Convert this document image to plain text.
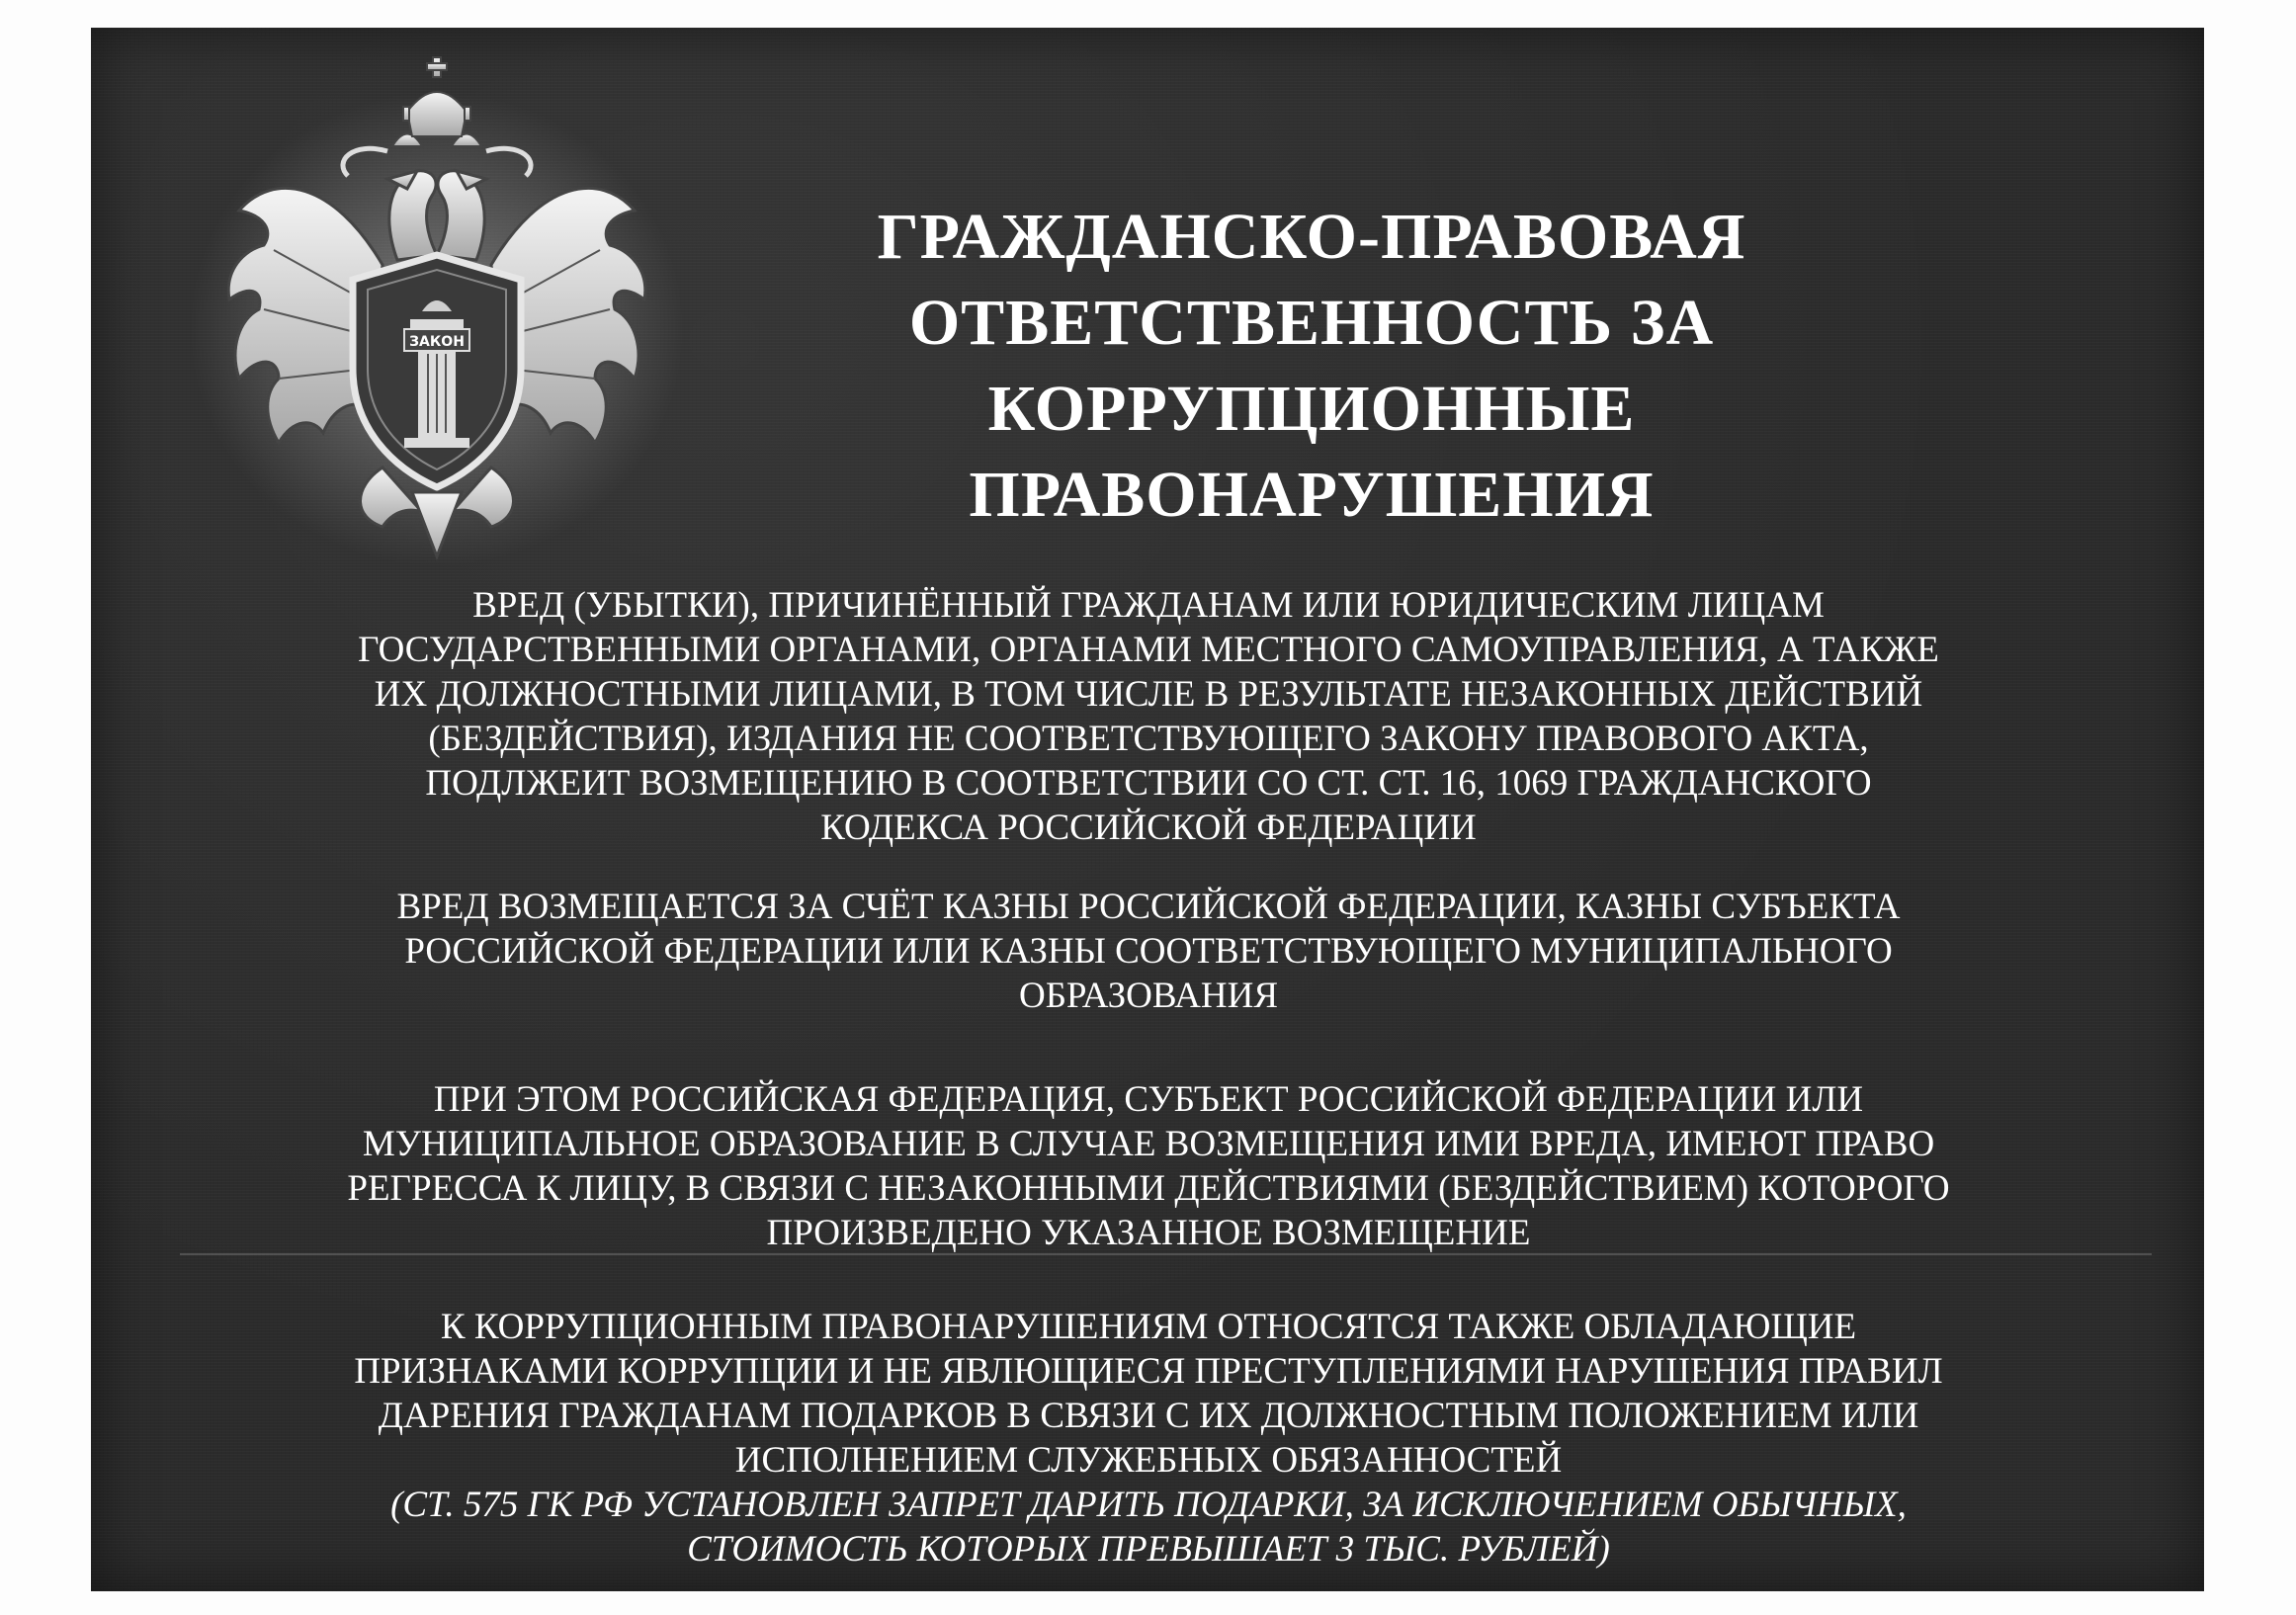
ЗАКОН
ГРАЖДАНСКО-ПРАВОВАЯ
ОТВЕТСТВЕННОСТЬ ЗА
КОРРУПЦИОННЫЕ
ПРАВОНАРУШЕНИЯ
ВРЕД (УБЫТКИ), ПРИЧИНЁННЫЙ ГРАЖДАНАМ ИЛИ ЮРИДИЧЕСКИМ ЛИЦАМ
ГОСУДАРСТВЕННЫМИ ОРГАНАМИ, ОРГАНАМИ МЕСТНОГО САМОУПРАВЛЕНИЯ, А ТАКЖЕ
ИХ ДОЛЖНОСТНЫМИ ЛИЦАМИ, В ТОМ ЧИСЛЕ В РЕЗУЛЬТАТЕ НЕЗАКОННЫХ ДЕЙСТВИЙ
(БЕЗДЕЙСТВИЯ), ИЗДАНИЯ НЕ СООТВЕТСТВУЮЩЕГО ЗАКОНУ ПРАВОВОГО АКТА,
ПОДЛЖЕИТ ВОЗМЕЩЕНИЮ В СООТВЕТСТВИИ СО СТ. СТ. 16, 1069 ГРАЖДАНСКОГО
КОДЕКСА РОССИЙСКОЙ ФЕДЕРАЦИИ
ВРЕД ВОЗМЕЩАЕТСЯ ЗА СЧЁТ КАЗНЫ РОССИЙСКОЙ ФЕДЕРАЦИИ, КАЗНЫ СУБЪЕКТА
РОССИЙСКОЙ ФЕДЕРАЦИИ ИЛИ КАЗНЫ СООТВЕТСТВУЮЩЕГО МУНИЦИПАЛЬНОГО
ОБРАЗОВАНИЯ
ПРИ ЭТОМ РОССИЙСКАЯ ФЕДЕРАЦИЯ, СУБЪЕКТ РОССИЙСКОЙ ФЕДЕРАЦИИ ИЛИ
МУНИЦИПАЛЬНОЕ ОБРАЗОВАНИЕ В СЛУЧАЕ ВОЗМЕЩЕНИЯ ИМИ ВРЕДА, ИМЕЮТ ПРАВО
РЕГРЕССА К ЛИЦУ, В СВЯЗИ С НЕЗАКОННЫМИ ДЕЙСТВИЯМИ (БЕЗДЕЙСТВИЕМ) КОТОРОГО
ПРОИЗВЕДЕНО УКАЗАННОЕ ВОЗМЕЩЕНИЕ
К КОРРУПЦИОННЫМ ПРАВОНАРУШЕНИЯМ ОТНОСЯТСЯ ТАКЖЕ ОБЛАДАЮЩИЕ
ПРИЗНАКАМИ КОРРУПЦИИ И НЕ ЯВЛЮЩИЕСЯ ПРЕСТУПЛЕНИЯМИ НАРУШЕНИЯ ПРАВИЛ
ДАРЕНИЯ ГРАЖДАНАМ ПОДАРКОВ В СВЯЗИ С ИХ ДОЛЖНОСТНЫМ ПОЛОЖЕНИЕМ ИЛИ
ИСПОЛНЕНИЕМ СЛУЖЕБНЫХ ОБЯЗАННОСТЕЙ
(СТ. 575 ГК РФ УСТАНОВЛЕН ЗАПРЕТ ДАРИТЬ ПОДАРКИ, ЗА ИСКЛЮЧЕНИЕМ ОБЫЧНЫХ,
СТОИМОСТЬ КОТОРЫХ ПРЕВЫШАЕТ 3 ТЫС. РУБЛЕЙ)
